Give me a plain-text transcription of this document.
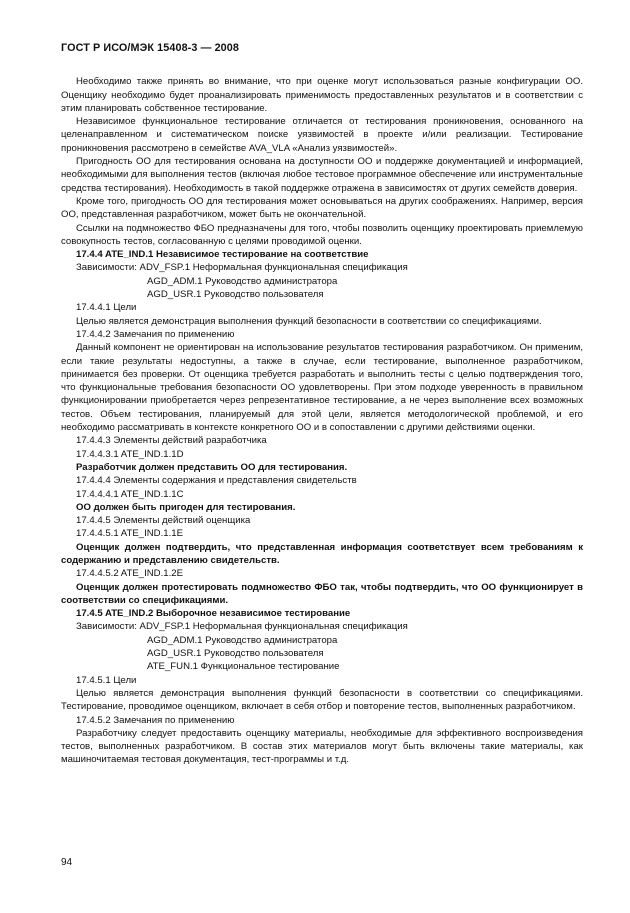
ГОСТ Р ИСО/МЭК 15408-3 — 2008
Необходимо также принять во внимание, что при оценке могут использоваться разные конфигурации ОО. Оценщику необходимо будет проанализировать применимость предоставленных результатов и в соответствии с этим планировать собственное тестирование.
Независимое функциональное тестирование отличается от тестирования проникновения, основанного на целенаправленном и систематическом поиске уязвимостей в проекте и/или реализации. Тестирование проникновения рассмотрено в семействе AVA_VLA «Анализ уязвимостей».
Пригодность ОО для тестирования основана на доступности ОО и поддержке документацией и информацией, необходимыми для выполнения тестов (включая любое тестовое программное обеспечение или инструментальные средства тестирования). Необходимость в такой поддержке отражена в зависимостях от других семейств доверия.
Кроме того, пригодность ОО для тестирования может основываться на других соображениях. Например, версия ОО, представленная разработчиком, может быть не окончательной.
Ссылки на подмножество ФБО предназначены для того, чтобы позволить оценщику проектировать приемлемую совокупность тестов, согласованную с целями проводимой оценки.
17.4.4 ATE_IND.1 Независимое тестирование на соответствие
Зависимости: ADV_FSP.1 Неформальная функциональная спецификация
AGD_ADM.1 Руководство администратора
AGD_USR.1 Руководство пользователя
17.4.4.1 Цели
Целью является демонстрация выполнения функций безопасности в соответствии со спецификациями.
17.4.4.2 Замечания по применению
Данный компонент не ориентирован на использование результатов тестирования разработчиком. Он применим, если такие результаты недоступны, а также в случае, если тестирование, выполненное разработчиком, принимается без проверки. От оценщика требуется разработать и выполнить тесты с целью подтверждения того, что функциональные требования безопасности ОО удовлетворены. При этом подходе уверенность в правильном функционировании приобретается через репрезентативное тестирование, а не через выполнение всех возможных тестов. Объем тестирования, планируемый для этой цели, является методологической проблемой, и его необходимо рассматривать в контексте конкретного ОО и в сопоставлении с другими действиями оценки.
17.4.4.3 Элементы действий разработчика
17.4.4.3.1 ATE_IND.1.1D
Разработчик должен представить ОО для тестирования.
17.4.4.4 Элементы содержания и представления свидетельств
17.4.4.4.1 ATE_IND.1.1C
ОО должен быть пригоден для тестирования.
17.4.4.5 Элементы действий оценщика
17.4.4.5.1 ATE_IND.1.1E
Оценщик должен подтвердить, что представленная информация соответствует всем требованиям к содержанию и представлению свидетельств.
17.4.4.5.2 ATE_IND.1.2E
Оценщик должен протестировать подмножество ФБО так, чтобы подтвердить, что ОО функционирует в соответствии со спецификациями.
17.4.5 ATE_IND.2 Выборочное независимое тестирование
Зависимости: ADV_FSP.1 Неформальная функциональная спецификация
AGD_ADM.1 Руководство администратора
AGD_USR.1 Руководство пользователя
ATE_FUN.1 Функциональное тестирование
17.4.5.1 Цели
Целью является демонстрация выполнения функций безопасности в соответствии со спецификациями. Тестирование, проводимое оценщиком, включает в себя отбор и повторение тестов, выполненных разработчиком.
17.4.5.2 Замечания по применению
Разработчику следует предоставить оценщику материалы, необходимые для эффективного воспроизведения тестов, выполненных разработчиком. В состав этих материалов могут быть включены такие материалы, как машиночитаемая тестовая документация, тест-программы и т.д.
94
